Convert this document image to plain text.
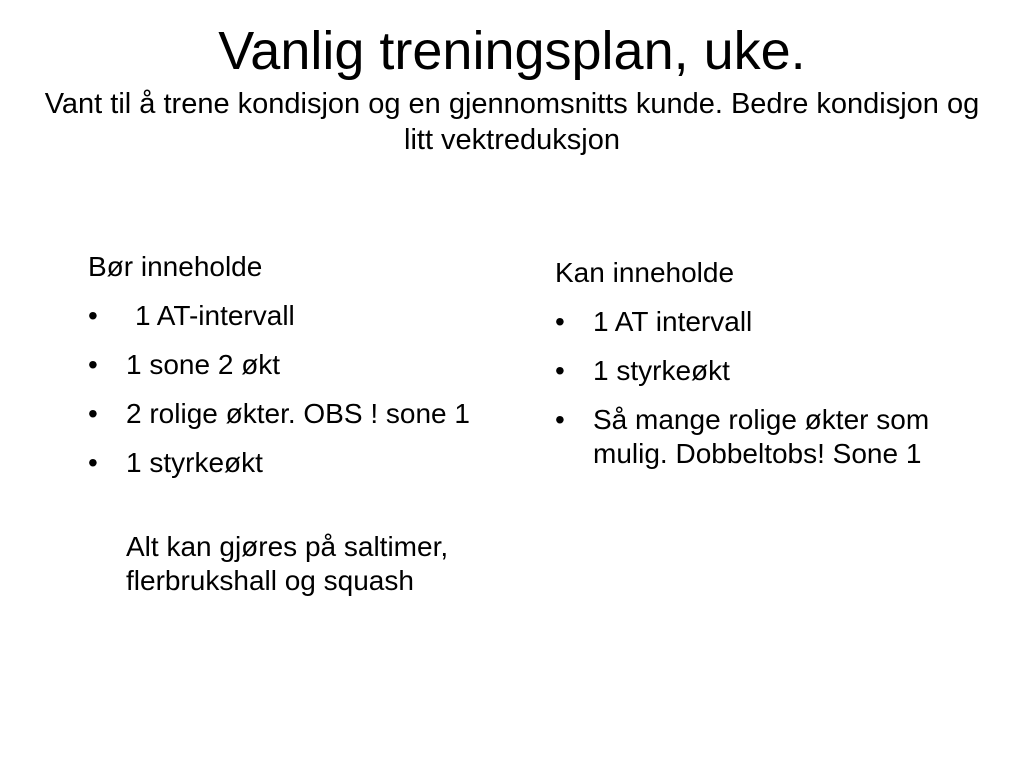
Vanlig treningsplan, uke.

Vant til å trene kondisjon og en gjennomsnitts kunde. Bedre kondisjon og litt vektreduksjon

Bør inneholde
• 1 AT-intervall
• 1 sone 2 økt
• 2 rolige økter. OBS ! sone 1
• 1 styrkeøkt
Alt kan gjøres på saltimer, flerbrukshall og squash
Kan inneholde
• 1 AT intervall
• 1 styrkeøkt
• Så mange rolige økter som mulig. Dobbeltobs! Sone 1
